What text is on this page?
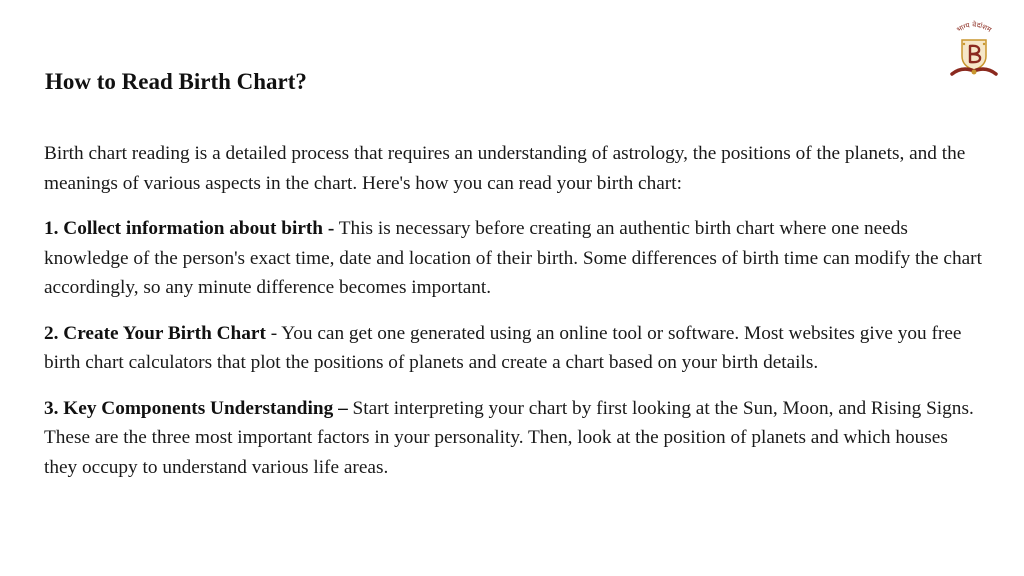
भाग्य वेदांशम
How to Read Birth Chart?

Birth chart reading is a detailed process that requires an understanding of astrology, the positions of the planets, and the meanings of various aspects in the chart. Here's how you can read your birth chart:

1. Collect information about birth - This is necessary before creating an authentic birth chart where one needs knowledge of the person's exact time, date and location of their birth. Some differences of birth time can modify the chart accordingly, so any minute difference becomes important.

2. Create Your Birth Chart - You can get one generated using an online tool or software. Most websites give you free birth chart calculators that plot the positions of planets and create a chart based on your birth details.

3. Key Components Understanding – Start interpreting your chart by first looking at the Sun, Moon, and Rising Signs. These are the three most important factors in your personality. Then, look at the position of planets and which houses they occupy to understand various life areas.
